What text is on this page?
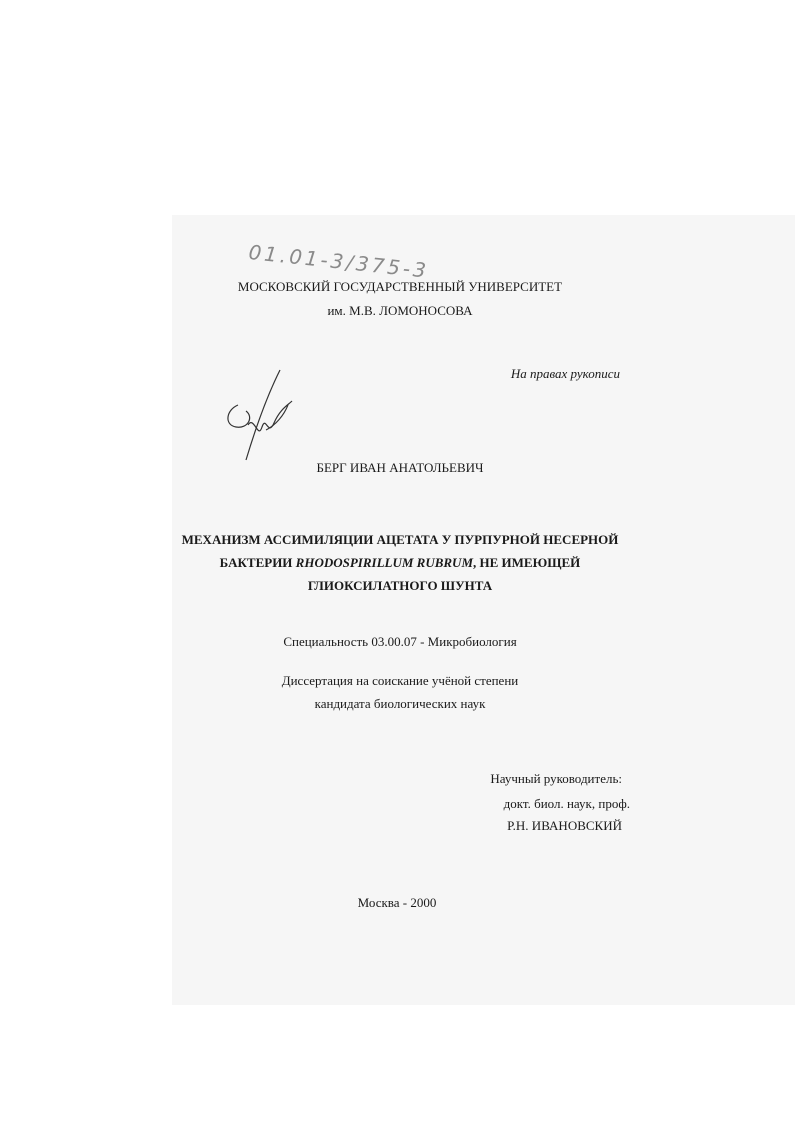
01.01-3/375-3
МОСКОВСКИЙ ГОСУДАРСТВЕННЫЙ УНИВЕРСИТЕТ
им. М.В. ЛОМОНОСОВА
На правах рукописи
БЕРГ ИВАН АНАТОЛЬЕВИЧ
МЕХАНИЗМ АССИМИЛЯЦИИ АЦЕТАТА У ПУРПУРНОЙ НЕСЕРНОЙ
БАКТЕРИИ RHODOSPIRILLUM RUBRUM, НЕ ИМЕЮЩЕЙ
ГЛИОКСИЛАТНОГО ШУНТА
Специальность 03.00.07 - Микробиология
Диссертация на соискание учёной степени
кандидата биологических наук
Научный руководитель:
докт. биол. наук, проф.
Р.Н. ИВАНОВСКИЙ
Москва - 2000
